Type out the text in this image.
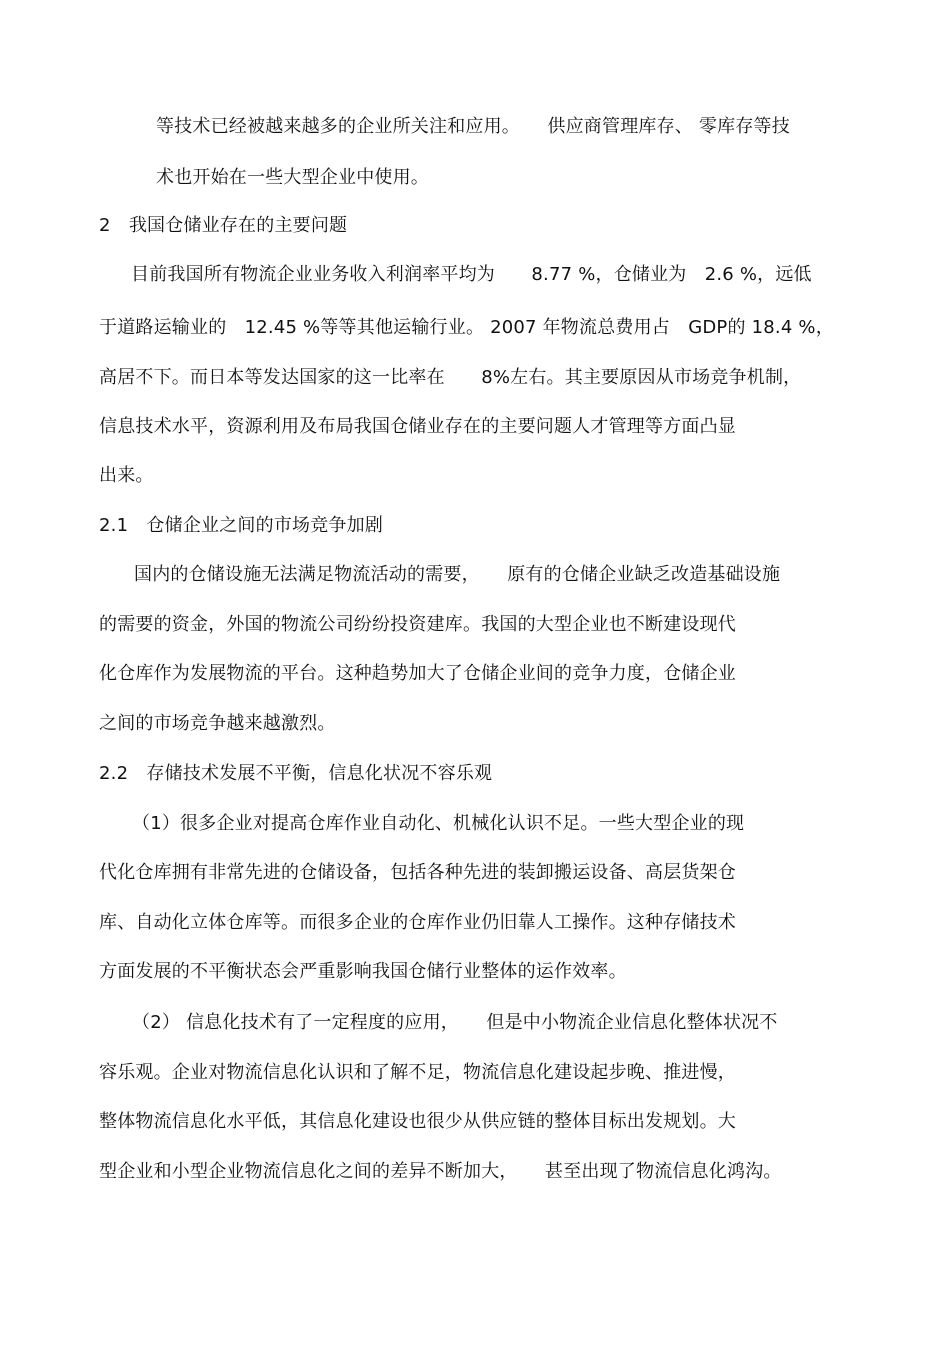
等技术已经被越来越多的企业所关注和应用。　　供应商管理库存、 零库存等技
术也开始在一些大型企业中使用。
2　我国仓储业存在的主要问题
目前我国所有物流企业业务收入利润率平均为　　8.77 %，仓储业为　2.6 %，远低
于道路运输业的　12.45 %等等其他运输行业。 2007 年物流总费用占　GDP的 18.4 %，
高居不下。而日本等发达国家的这一比率在　　8%左右。其主要原因从市场竞争机制，
信息技术水平，资源利用及布局我国仓储业存在的主要问题人才管理等方面凸显
出来。
2.1　仓储企业之间的市场竞争加剧
国内的仓储设施无法满足物流活动的需要，　　原有的仓储企业缺乏改造基础设施
的需要的资金，外国的物流公司纷纷投资建库。我国的大型企业也不断建设现代
化仓库作为发展物流的平台。这种趋势加大了仓储企业间的竞争力度，仓储企业
之间的市场竞争越来越激烈。
2.2　存储技术发展不平衡，信息化状况不容乐观
（1）很多企业对提高仓库作业自动化、机械化认识不足。一些大型企业的现
代化仓库拥有非常先进的仓储设备，包括各种先进的装卸搬运设备、高层货架仓
库、自动化立体仓库等。而很多企业的仓库作业仍旧靠人工操作。这种存储技术
方面发展的不平衡状态会严重影响我国仓储行业整体的运作效率。
（2） 信息化技术有了一定程度的应用，　　但是中小物流企业信息化整体状况不
容乐观。企业对物流信息化认识和了解不足，物流信息化建设起步晚、推进慢，
整体物流信息化水平低，其信息化建设也很少从供应链的整体目标出发规划。大
型企业和小型企业物流信息化之间的差异不断加大，　　甚至出现了物流信息化鸿沟。
